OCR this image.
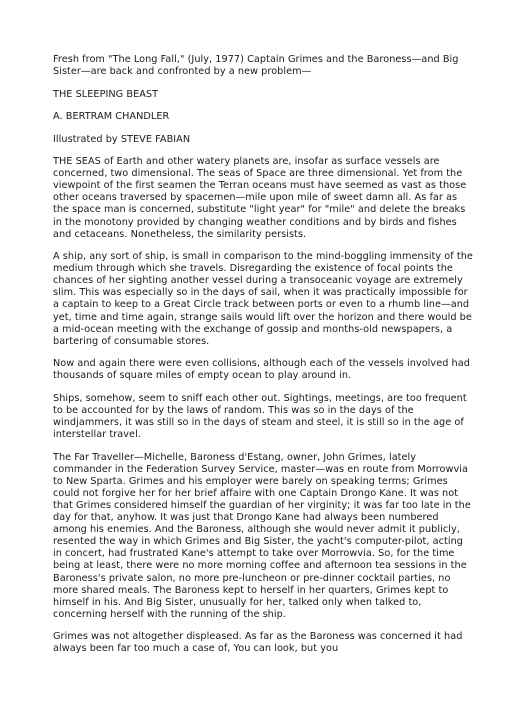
Fresh from "The Long Fall," (July, 1977) Captain Grimes and the Baroness—and Big Sister—are back and confronted by a new problem—

THE SLEEPING BEAST

A. BERTRAM CHANDLER

Illustrated by STEVE FABIAN

THE SEAS of Earth and other watery planets are, insofar as surface vessels are concerned, two dimensional. The seas of Space are three dimensional. Yet from the viewpoint of the first seamen the Terran oceans must have seemed as vast as those other oceans traversed by spacemen—mile upon mile of sweet damn all. As far as the space man is concerned, substitute "light year" for "mile" and delete the breaks in the monotony provided by changing weather conditions and by birds and fishes and cetaceans. Nonetheless, the similarity persists.

A ship, any sort of ship, is small in comparison to the mind-boggling immensity of the medium through which she travels. Disregarding the existence of focal points the chances of her sighting another vessel during a transoceanic voyage are extremely slim. This was especially so in the days of sail, when it was practically impossible for a captain to keep to a Great Circle track between ports or even to a rhumb line—and yet, time and time again, strange sails would lift over the horizon and there would be a mid-ocean meeting with the exchange of gossip and months-old newspapers, a bartering of consumable stores.

Now and again there were even collisions, although each of the vessels involved had thousands of square miles of empty ocean to play around in.

Ships, somehow, seem to sniff each other out. Sightings, meetings, are too frequent to be accounted for by the laws of random. This was so in the days of the windjammers, it was still so in the days of steam and steel, it is still so in the age of interstellar travel.

The Far Traveller—Michelle, Baroness d'Estang, owner, John Grimes, lately commander in the Federation Survey Service, master—was en route from Morrowvia to New Sparta. Grimes and his employer were barely on speaking terms; Grimes could not forgive her for her brief affaire with one Captain Drongo Kane. It was not that Grimes considered himself the guardian of her virginity; it was far too late in the day for that, anyhow. It was just that Drongo Kane had always been numbered among his enemies. And the Baroness, although she would never admit it publicly, resented the way in which Grimes and Big Sister, the yacht's computer-pilot, acting in concert, had frustrated Kane's attempt to take over Morrowvia. So, for the time being at least, there were no more morning coffee and afternoon tea sessions in the Baroness's private salon, no more pre-luncheon or pre-dinner cocktail parties, no more shared meals. The Baroness kept to herself in her quarters, Grimes kept to himself in his. And Big Sister, unusually for her, talked only when talked to, concerning herself with the running of the ship.

Grimes was not altogether displeased. As far as the Baroness was concerned it had always been far too much a case of, You can look, but you
